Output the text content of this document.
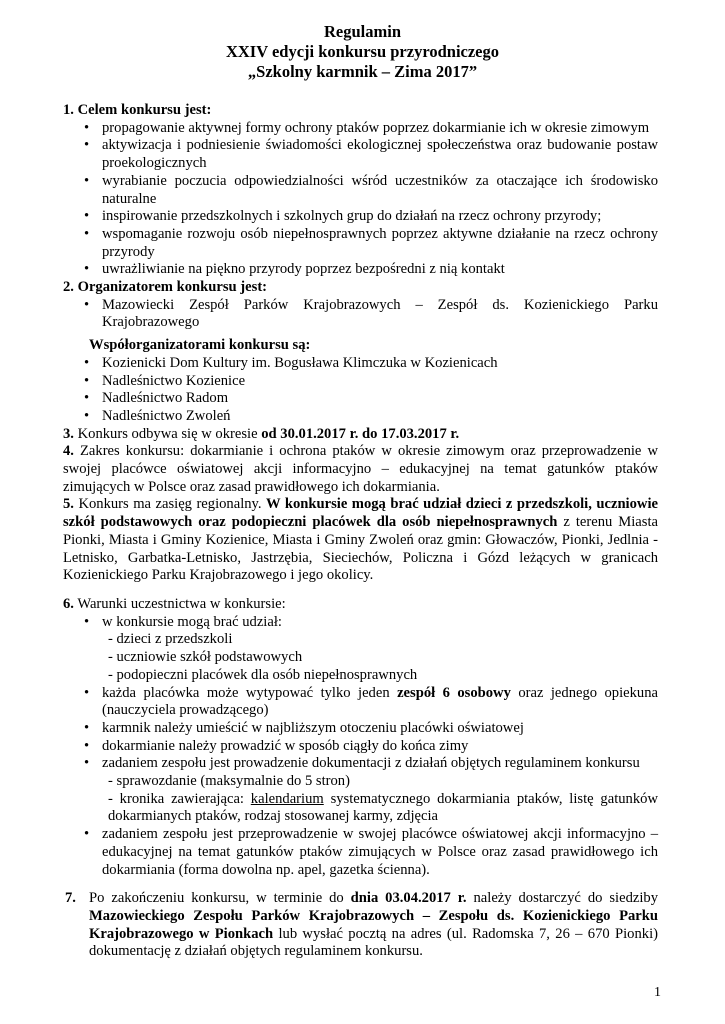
Regulamin
XXIV edycji konkursu przyrodniczego
„Szkolny karmnik – Zima 2017”
1. Celem konkursu jest:
• propagowanie aktywnej formy ochrony ptaków poprzez dokarmianie ich w okresie zimowym
• aktywizacja i podniesienie świadomości ekologicznej społeczeństwa oraz budowanie postaw proekologicznych
• wyrabianie poczucia odpowiedzialności wśród uczestników za otaczające ich środowisko naturalne
• inspirowanie przedszkolnych i szkolnych grup do działań na rzecz ochrony przyrody;
• wspomaganie rozwoju osób niepełnosprawnych poprzez aktywne działanie na rzecz ochrony przyrody
• uwrażliwianie na piękno przyrody poprzez bezpośredni z nią kontakt
2. Organizatorem konkursu jest:
• Mazowiecki Zespół Parków Krajobrazowych – Zespół ds. Kozienickiego Parku Krajobrazowego
Współorganizatorami konkursu są:
• Kozienicki Dom Kultury im. Bogusława Klimczuka w Kozienicach
• Nadleśnictwo Kozienice
• Nadleśnictwo Radom
• Nadleśnictwo Zwoleń
3. Konkurs odbywa się w okresie od 30.01.2017 r. do 17.03.2017 r.
4. Zakres konkursu: dokarmianie i ochrona ptaków w okresie zimowym oraz przeprowadzenie w swojej placówce oświatowej akcji informacyjno – edukacyjnej na temat gatunków ptaków zimujących w Polsce oraz zasad prawidłowego ich dokarmiania.
5. Konkurs ma zasięg regionalny. W konkursie mogą brać udział dzieci z przedszkoli, uczniowie szkół podstawowych oraz podopieczni placówek dla osób niepełnosprawnych z terenu Miasta Pionki, Miasta i Gminy Kozienice, Miasta i Gminy Zwoleń oraz gmin: Głowaczów, Pionki, Jedlnia -Letnisko, Garbatka-Letnisko, Jastrzębia, Sieciechów, Policzna i Gózd leżących w granicach Kozienickiego Parku Krajobrazowego i jego okolicy.
6. Warunki uczestnictwa w konkursie:
• w konkursie mogą brać udział:
- dzieci z przedszkoli
- uczniowie szkół podstawowych
- podopieczni placówek dla osób niepełnosprawnych
• każda placówka może wytypować tylko jeden zespół 6 osobowy oraz jednego opiekuna (nauczyciela prowadzącego)
• karmnik należy umieścić w najbliższym otoczeniu placówki oświatowej
• dokarmianie należy prowadzić w sposób ciągły do końca zimy
• zadaniem zespołu jest prowadzenie dokumentacji z działań objętych regulaminem konkursu
- sprawozdanie (maksymalnie do 5 stron)
- kronika zawierająca: kalendarium systematycznego dokarmiania ptaków, listę gatunków dokarmianych ptaków, rodzaj stosowanej karmy, zdjęcia
• zadaniem zespołu jest przeprowadzenie w swojej placówce oświatowej akcji informacyjno – edukacyjnej na temat gatunków ptaków zimujących w Polsce oraz zasad prawidłowego ich dokarmiania (forma dowolna np. apel, gazetka ścienna).
7. Po zakończeniu konkursu, w terminie do dnia 03.04.2017 r. należy dostarczyć do siedziby Mazowieckiego Zespołu Parków Krajobrazowych – Zespołu ds. Kozienickiego Parku Krajobrazowego w Pionkach lub wysłać pocztą na adres (ul. Radomska 7, 26 – 670 Pionki) dokumentację z działań objętych regulaminem konkursu.
1
